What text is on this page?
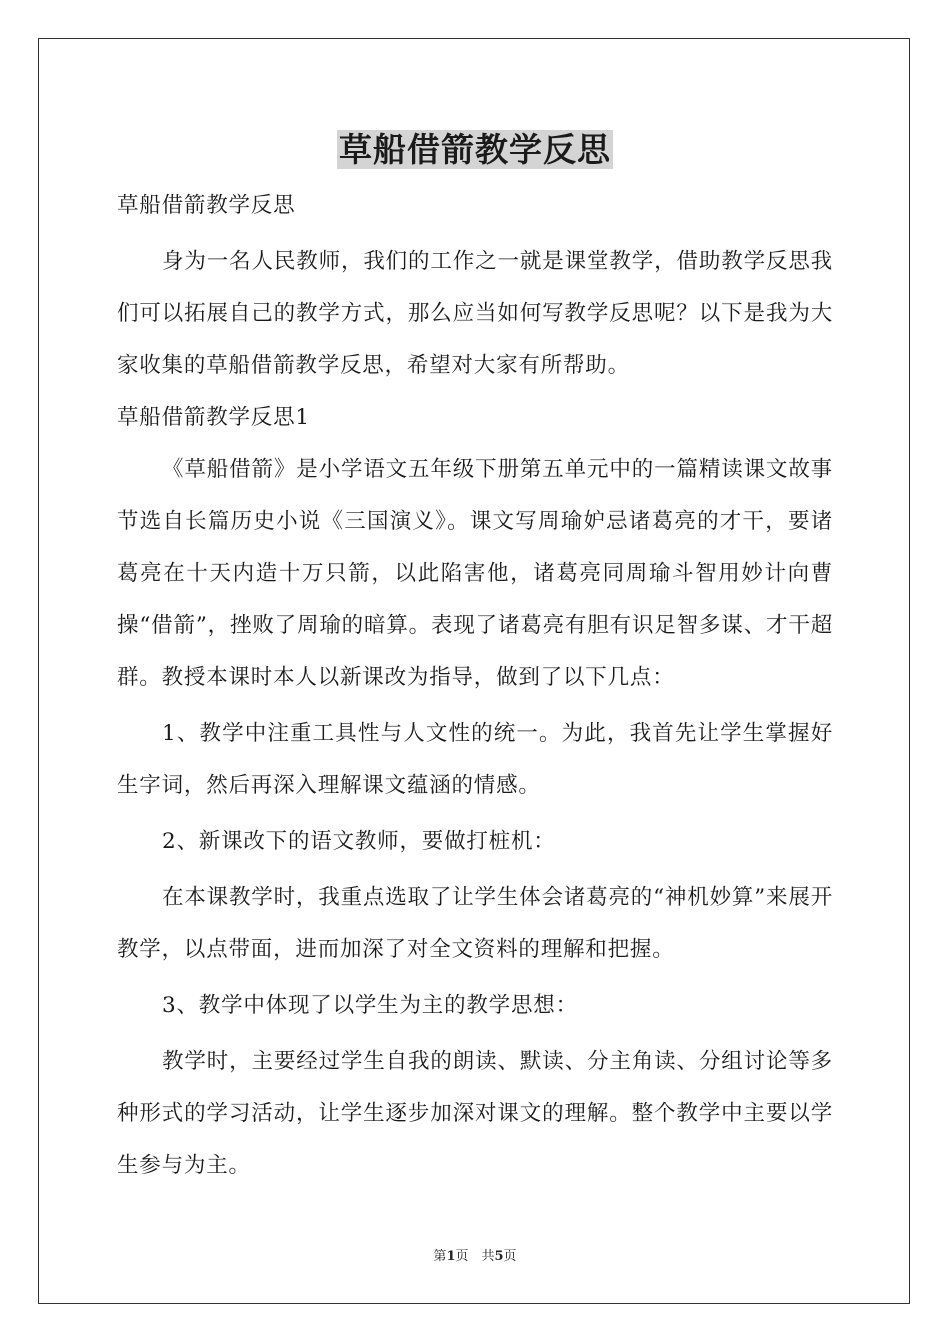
草船借箭教学反思

草船借箭教学反思

身为一名人民教师，我们的工作之一就是课堂教学，借助教学反思我们可以拓展自己的教学方式，那么应当如何写教学反思呢？以下是我为大家收集的草船借箭教学反思，希望对大家有所帮助。

草船借箭教学反思1

《草船借箭》是小学语文五年级下册第五单元中的一篇精读课文故事节选自长篇历史小说《三国演义》。课文写周瑜妒忌诸葛亮的才干，要诸葛亮在十天内造十万只箭，以此陷害他，诸葛亮同周瑜斗智用妙计向曹操“借箭”，挫败了周瑜的暗算。表现了诸葛亮有胆有识足智多谋、才干超群。教授本课时本人以新课改为指导，做到了以下几点：

1、教学中注重工具性与人文性的统一。为此，我首先让学生掌握好生字词，然后再深入理解课文蕴涵的情感。

2、新课改下的语文教师，要做打桩机：

在本课教学时，我重点选取了让学生体会诸葛亮的“神机妙算”来展开教学，以点带面，进而加深了对全文资料的理解和把握。

3、教学中体现了以学生为主的教学思想：

教学时，主要经过学生自我的朗读、默读、分主角读、分组讨论等多种形式的学习活动，让学生逐步加深对课文的理解。整个教学中主要以学生参与为主。

第1页　共5页
